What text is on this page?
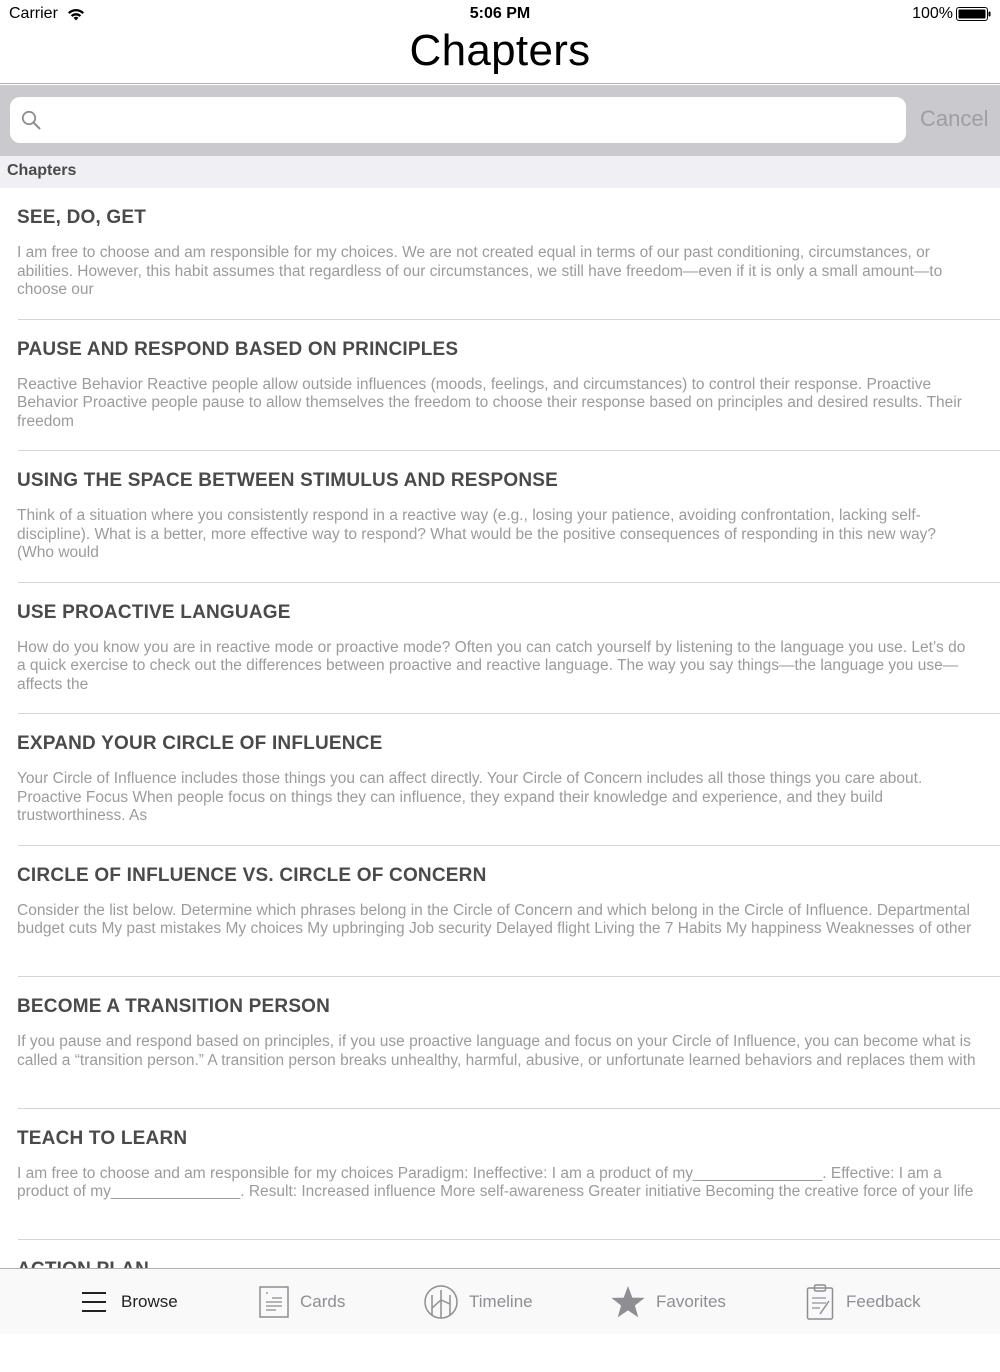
Carrier	5:06 PM	100%
Chapters
Cancel
Chapters
SEE, DO, GET
I am free to choose and am responsible for my choices. We are not created equal in terms of our past conditioning, circumstances, or abilities. However, this habit assumes that regardless of our circumstances, we still have freedom—even if it is only a small amount—to choose our
PAUSE AND RESPOND BASED ON PRINCIPLES
Reactive Behavior Reactive people allow outside influences (moods, feelings, and circumstances) to control their response. Proactive Behavior Proactive people pause to allow themselves the freedom to choose their response based on principles and desired results. Their freedom
USING THE SPACE BETWEEN STIMULUS AND RESPONSE
Think of a situation where you consistently respond in a reactive way (e.g., losing your patience, avoiding confrontation, lacking self-discipline). What is a better, more effective way to respond? What would be the positive consequences of responding in this new way? (Who would
USE PROACTIVE LANGUAGE
How do you know you are in reactive mode or proactive mode? Often you can catch yourself by listening to the language you use. Let’s do a quick exercise to check out the differences between proactive and reactive language. The way you say things—the language you use—affects the
EXPAND YOUR CIRCLE OF INFLUENCE
Your Circle of Influence includes those things you can affect directly. Your Circle of Concern includes all those things you care about. Proactive Focus When people focus on things they can influence, they expand their knowledge and experience, and they build trustworthiness. As
CIRCLE OF INFLUENCE VS. CIRCLE OF CONCERN
Consider the list below. Determine which phrases belong in the Circle of Concern and which belong in the Circle of Influence. Departmental budget cuts My past mistakes My choices My upbringing Job security Delayed flight Living the 7 Habits My happiness Weaknesses of other
BECOME A TRANSITION PERSON
If you pause and respond based on principles, if you use proactive language and focus on your Circle of Influence, you can become what is called a “transition person.” A transition person breaks unhealthy, harmful, abusive, or unfortunate learned behaviors and replaces them with
TEACH TO LEARN
I am free to choose and am responsible for my choices Paradigm: Ineffective: I am a product of my_______________. Effective: I am a product of my_______________. Result: Increased influence More self-awareness Greater initiative Becoming the creative force of your life
Browse	Cards	Timeline	Favorites	Feedback
